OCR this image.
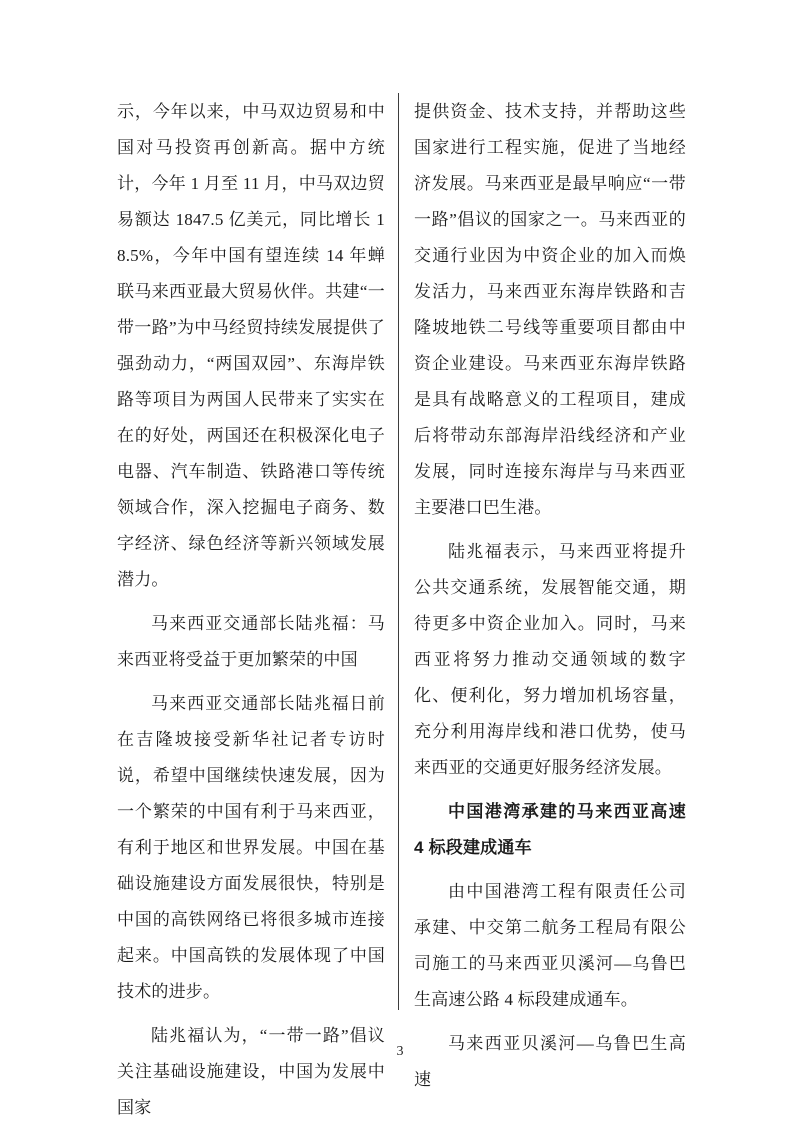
示，今年以来，中马双边贸易和中国对马投资再创新高。据中方统计，今年 1 月至 11 月，中马双边贸易额达 1847.5 亿美元，同比增长 18.5%，今年中国有望连续 14 年蝉联马来西亚最大贸易伙伴。共建“一带一路”为中马经贸持续发展提供了强劲动力，“两国双园”、东海岸铁路等项目为两国人民带来了实实在在的好处，两国还在积极深化电子电器、汽车制造、铁路港口等传统领域合作，深入挖掘电子商务、数字经济、绿色经济等新兴领域发展潜力。

马来西亚交通部长陆兆福：马来西亚将受益于更加繁荣的中国

马来西亚交通部长陆兆福日前在吉隆坡接受新华社记者专访时说，希望中国继续快速发展，因为一个繁荣的中国有利于马来西亚，有利于地区和世界发展。中国在基础设施建设方面发展很快，特别是中国的高铁网络已将很多城市连接起来。中国高铁的发展体现了中国技术的进步。

陆兆福认为，“一带一路”倡议关注基础设施建设，中国为发展中国家

提供资金、技术支持，并帮助这些国家进行工程实施，促进了当地经济发展。马来西亚是最早响应“一带一路”倡议的国家之一。马来西亚的交通行业因为中资企业的加入而焕发活力，马来西亚东海岸铁路和吉隆坡地铁二号线等重要项目都由中资企业建设。马来西亚东海岸铁路是具有战略意义的工程项目，建成后将带动东部海岸沿线经济和产业发展，同时连接东海岸与马来西亚主要港口巴生港。

陆兆福表示，马来西亚将提升公共交通系统，发展智能交通，期待更多中资企业加入。同时，马来西亚将努力推动交通领域的数字化、便利化，努力增加机场容量，充分利用海岸线和港口优势，使马来西亚的交通更好服务经济发展。

中国港湾承建的马来西亚高速 4 标段建成通车

由中国港湾工程有限责任公司承建、中交第二航务工程局有限公司施工的马来西亚贝溪河—乌鲁巴生高速公路 4 标段建成通车。

马来西亚贝溪河—乌鲁巴生高速

3
